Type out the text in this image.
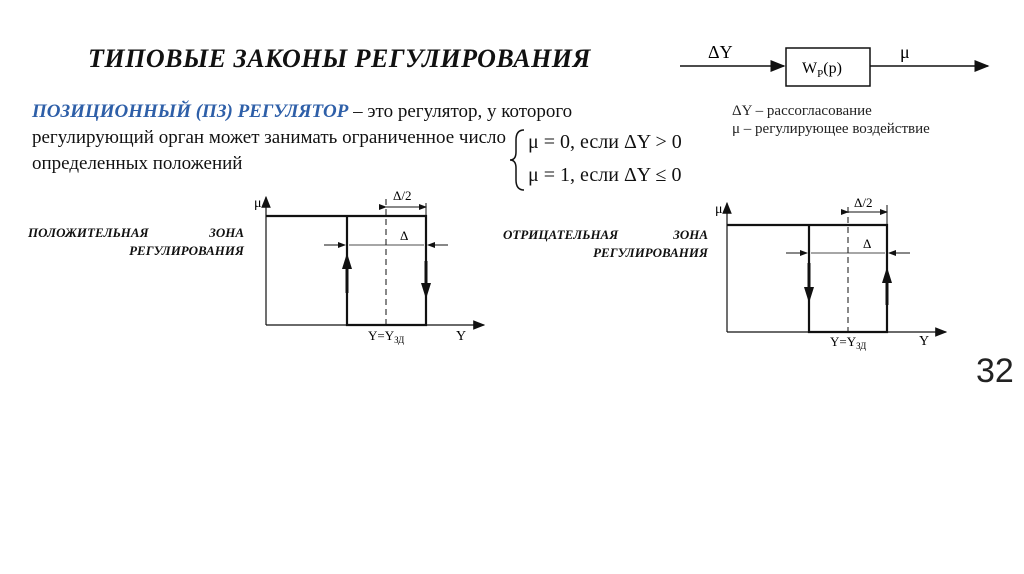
ТИПОВЫЕ ЗАКОНЫ РЕГУЛИРОВАНИЯ
ПОЗИЦИОННЫЙ (ПЗ) РЕГУЛЯТОР – это регулятор, у которого регулирующий орган может занимать ограниченное число определенных положений
μ = 0, если ΔY > 0
μ = 1, если ΔY ≤ 0
ΔY
$W_P(p)$
μ
ΔY – рассогласование
μ – регулирующее воздействие
ПОЛОЖИТЕЛЬНАЯ ЗОНА
РЕГУЛИРОВАНИЯ
ОТРИЦАТЕЛЬНАЯ ЗОНА
РЕГУЛИРОВАНИЯ
μ
Y
Δ/2
Δ
$Y=Y_{ЗД}$
μ
Y
Δ/2
Δ
$Y=Y_{ЗД}$
32
